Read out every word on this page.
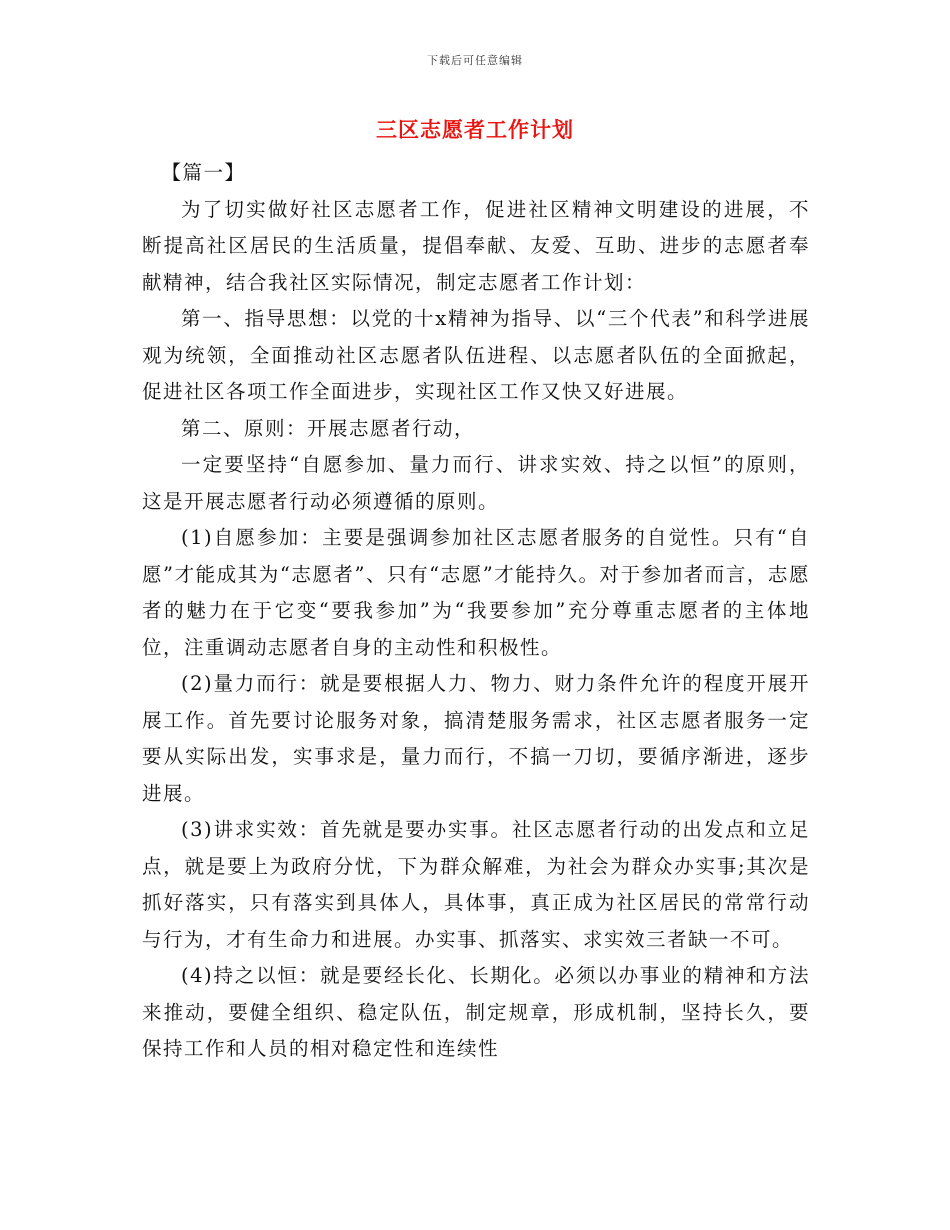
下载后可任意编辑
三区志愿者工作计划

【篇一】

为了切实做好社区志愿者工作，促进社区精神文明建设的进展，不断提高社区居民的生活质量，提倡奉献、友爱、互助、进步的志愿者奉献精神，结合我社区实际情况，制定志愿者工作计划：

第一、指导思想：以党的十x精神为指导、以“三个代表”和科学进展观为统领，全面推动社区志愿者队伍进程、以志愿者队伍的全面掀起，促进社区各项工作全面进步，实现社区工作又快又好进展。

第二、原则：开展志愿者行动，

一定要坚持“自愿参加、量力而行、讲求实效、持之以恒”的原则，这是开展志愿者行动必须遵循的原则。

(1)自愿参加：主要是强调参加社区志愿者服务的自觉性。只有“自愿”才能成其为“志愿者”、只有“志愿”才能持久。对于参加者而言，志愿者的魅力在于它变“要我参加”为“我要参加”充分尊重志愿者的主体地位，注重调动志愿者自身的主动性和积极性。

(2)量力而行：就是要根据人力、物力、财力条件允许的程度开展开展工作。首先要讨论服务对象，搞清楚服务需求，社区志愿者服务一定要从实际出发，实事求是，量力而行，不搞一刀切，要循序渐进，逐步进展。

(3)讲求实效：首先就是要办实事。社区志愿者行动的出发点和立足点，就是要上为政府分忧，下为群众解难，为社会为群众办实事;其次是抓好落实，只有落实到具体人，具体事，真正成为社区居民的常常行动与行为，才有生命力和进展。办实事、抓落实、求实效三者缺一不可。

(4)持之以恒：就是要经长化、长期化。必须以办事业的精神和方法来推动，要健全组织、稳定队伍，制定规章，形成机制，坚持长久，要保持工作和人员的相对稳定性和连续性
